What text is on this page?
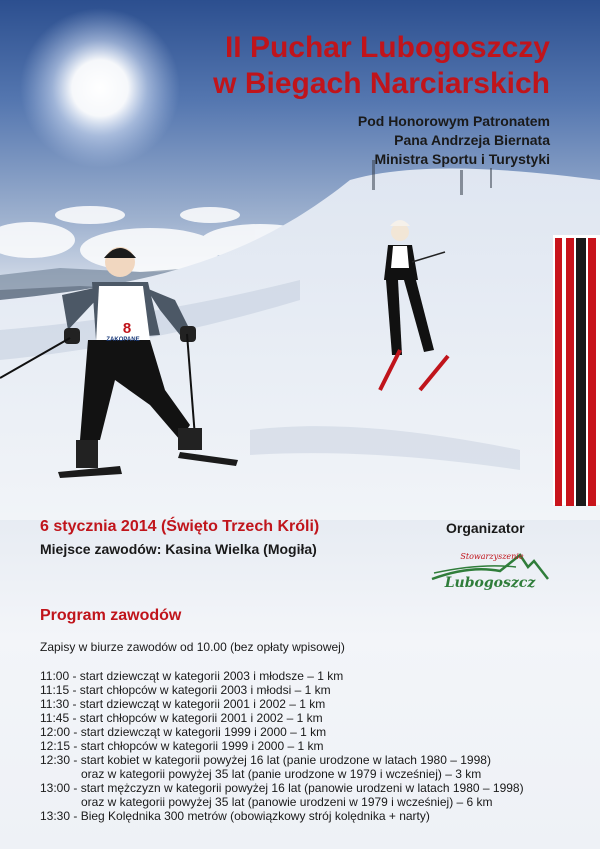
8
ZAKOPANE
II Puchar Lubogoszczy
w Biegach Narciarskich
Pod Honorowym Patronatem
Pana Andrzeja Biernata
Ministra Sportu i Turystyki
6 stycznia 2014 (Święto Trzech Króli)
Miejsce zawodów: Kasina Wielka (Mogiła)
Organizator
Stowarzyszenie
Lubogoszcz
Program zawodów
Zapisy w biurze zawodów od 10.00 (bez opłaty wpisowej)
11:00 - start dziewcząt w kategorii 2003 i młodsze – 1 km
11:15 - start chłopców w kategorii 2003 i młodsi – 1 km
11:30 - start dziewcząt w kategorii 2001 i 2002 – 1 km
11:45 - start chłopców w kategorii 2001 i 2002 – 1 km
12:00 - start dziewcząt w kategorii 1999 i 2000 – 1 km
12:15 - start chłopców w kategorii 1999 i 2000 – 1 km
12:30 - start kobiet w kategorii powyżej 16 lat (panie urodzone w latach 1980 – 1998)
oraz w kategorii powyżej 35 lat (panie urodzone w 1979 i wcześniej) – 3 km
13:00 - start mężczyzn w kategorii powyżej 16 lat (panowie urodzeni w latach 1980 – 1998)
oraz w kategorii powyżej 35 lat (panowie urodzeni w 1979 i wcześniej) – 6 km
13:30 - Bieg Kolędnika 300 metrów (obowiązkowy strój kolędnika + narty)
